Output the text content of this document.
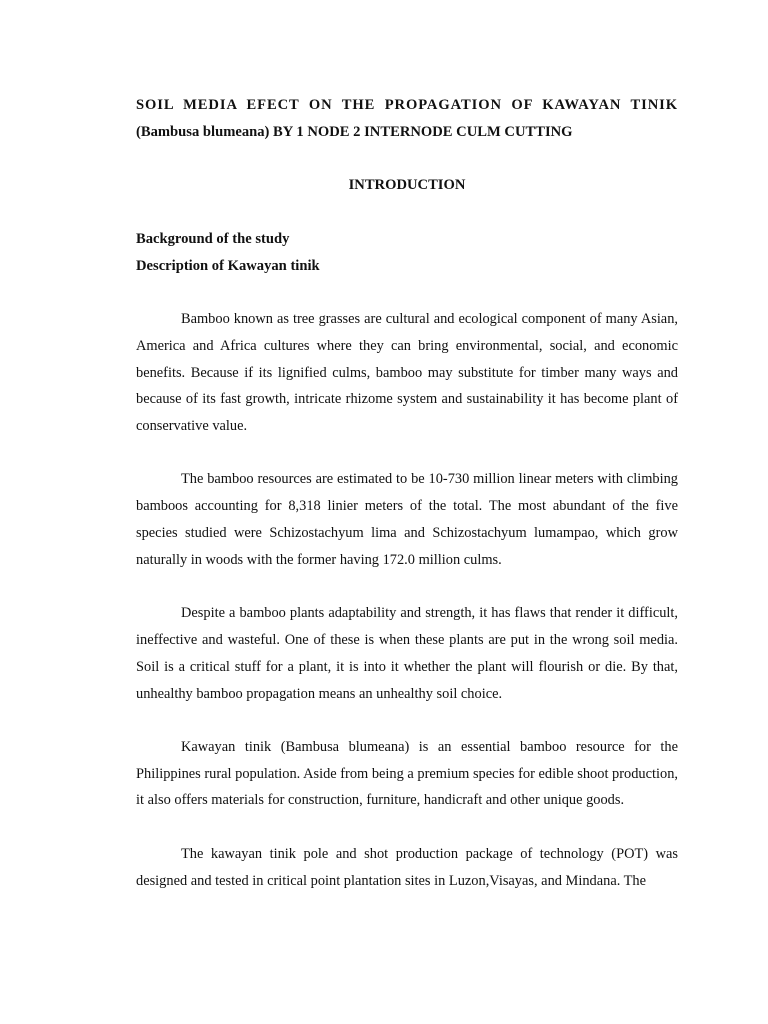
SOIL MEDIA EFECT ON THE PROPAGATION OF KAWAYAN TINIK
(Bambusa blumeana) BY 1 NODE 2 INTERNODE CULM CUTTING
INTRODUCTION
Background of the study
Description of Kawayan tinik

Bamboo known as tree grasses are cultural and ecological component of many Asian, America and Africa cultures where they can bring environmental, social, and economic benefits. Because if its lignified culms, bamboo may substitute for timber many ways and because of its fast growth, intricate rhizome system and sustainability it has become plant of conservative value.

The bamboo resources are estimated to be 10-730 million linear meters with climbing bamboos accounting for 8,318 linier meters of the total. The most abundant of the five species studied were Schizostachyum lima and Schizostachyum lumampao, which grow naturally in woods with the former having 172.0 million culms.

Despite a bamboo plants adaptability and strength, it has flaws that render it difficult, ineffective and wasteful. One of these is when these plants are put in the wrong soil media. Soil is a critical stuff for a plant, it is into it whether the plant will flourish or die. By that, unhealthy bamboo propagation means an unhealthy soil choice.

Kawayan tinik (Bambusa blumeana) is an essential bamboo resource for the Philippines rural population. Aside from being a premium species for edible shoot production, it also offers materials for construction, furniture, handicraft and other unique goods.

The kawayan tinik pole and shot production package of technology (POT) was designed and tested in critical point plantation sites in Luzon,Visayas, and Mindana. The
